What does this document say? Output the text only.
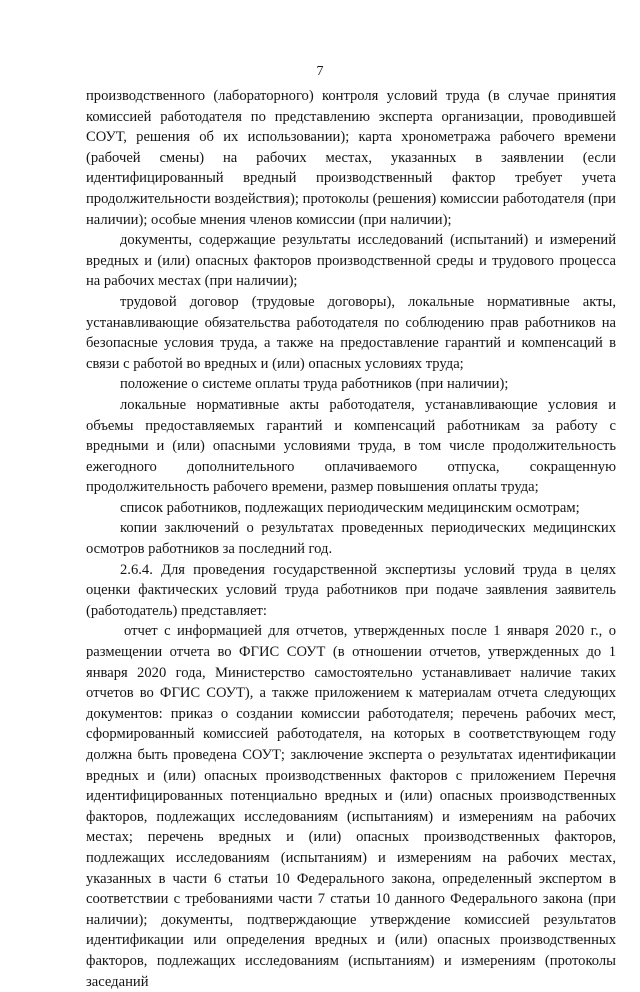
7

производственного (лабораторного) контроля условий труда (в случае принятия комиссией работодателя по представлению эксперта организации, проводившей СОУТ, решения об их использовании); карта хронометража рабочего времени (рабочей смены) на рабочих местах, указанных в заявлении (если идентифицированный вредный производственный фактор требует учета продолжительности воздействия); протоколы (решения) комиссии работодателя (при наличии); особые мнения членов комиссии (при наличии);

документы, содержащие результаты исследований (испытаний) и измерений вредных и (или) опасных факторов производственной среды и трудового процесса на рабочих местах (при наличии);

трудовой договор (трудовые договоры), локальные нормативные акты, устанавливающие обязательства работодателя по соблюдению прав работников на безопасные условия труда, а также на предоставление гарантий и компенсаций в связи с работой во вредных и (или) опасных условиях труда;

положение о системе оплаты труда работников (при наличии);

локальные нормативные акты работодателя, устанавливающие условия и объемы предоставляемых гарантий и компенсаций работникам за работу с вредными и (или) опасными условиями труда, в том числе продолжительность ежегодного дополнительного оплачиваемого отпуска, сокращенную продолжительность рабочего времени, размер повышения оплаты труда;

список работников, подлежащих периодическим медицинским осмотрам;

копии заключений о результатах проведенных периодических медицинских осмотров работников за последний год.

2.6.4. Для проведения государственной экспертизы условий труда в целях оценки фактических условий труда работников при подаче заявления заявитель (работодатель) представляет:

отчет с информацией для отчетов, утвержденных после 1 января 2020 г., о размещении отчета во ФГИС СОУТ (в отношении отчетов, утвержденных до 1 января 2020 года, Министерство самостоятельно устанавливает наличие таких отчетов во ФГИС СОУТ), а также приложением к материалам отчета следующих документов: приказ о создании комиссии работодателя; перечень рабочих мест, сформированный комиссией работодателя, на которых в соответствующем году должна быть проведена СОУТ; заключение эксперта о результатах идентификации вредных и (или) опасных производственных факторов с приложением Перечня идентифицированных потенциально вредных и (или) опасных производственных факторов, подлежащих исследованиям (испытаниям) и измерениям на рабочих местах; перечень вредных и (или) опасных производственных факторов, подлежащих исследованиям (испытаниям) и измерениям на рабочих местах, указанных в части 6 статьи 10 Федерального закона, определенный экспертом в соответствии с требованиями части 7 статьи 10 данного Федерального закона (при наличии); документы, подтверждающие утверждение комиссией результатов идентификации или определения вредных и (или) опасных производственных факторов, подлежащих исследованиям (испытаниям) и измерениям (протоколы заседаний
